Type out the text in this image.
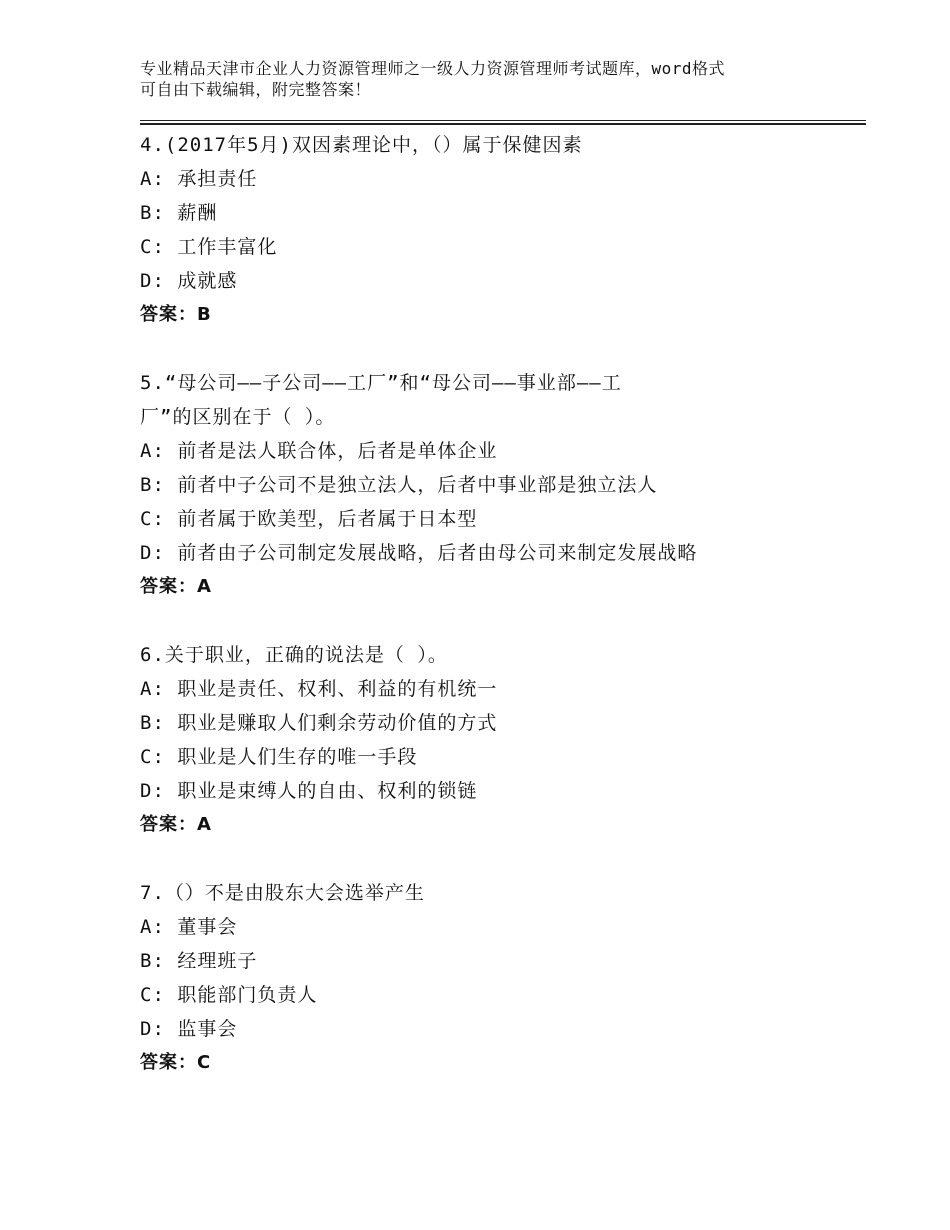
专业精品天津市企业人力资源管理师之一级人力资源管理师考试题库，word格式
可自由下载编辑，附完整答案！
4.(2017年5月)双因素理论中，（）属于保健因素
A: 承担责任
B: 薪酬
C: 工作丰富化
D: 成就感
答案：B
5.“母公司——子公司——工厂”和“母公司——事业部——工
厂”的区别在于（ ）。
A: 前者是法人联合体，后者是单体企业
B: 前者中子公司不是独立法人，后者中事业部是独立法人
C: 前者属于欧美型，后者属于日本型
D: 前者由子公司制定发展战略，后者由母公司来制定发展战略
答案：A
6.关于职业，正确的说法是（ ）。
A: 职业是责任、权利、利益的有机统一
B: 职业是赚取人们剩余劳动价值的方式
C: 职业是人们生存的唯一手段
D: 职业是束缚人的自由、权利的锁链
答案：A
7.（）不是由股东大会选举产生
A: 董事会
B: 经理班子
C: 职能部门负责人
D: 监事会
答案：C
